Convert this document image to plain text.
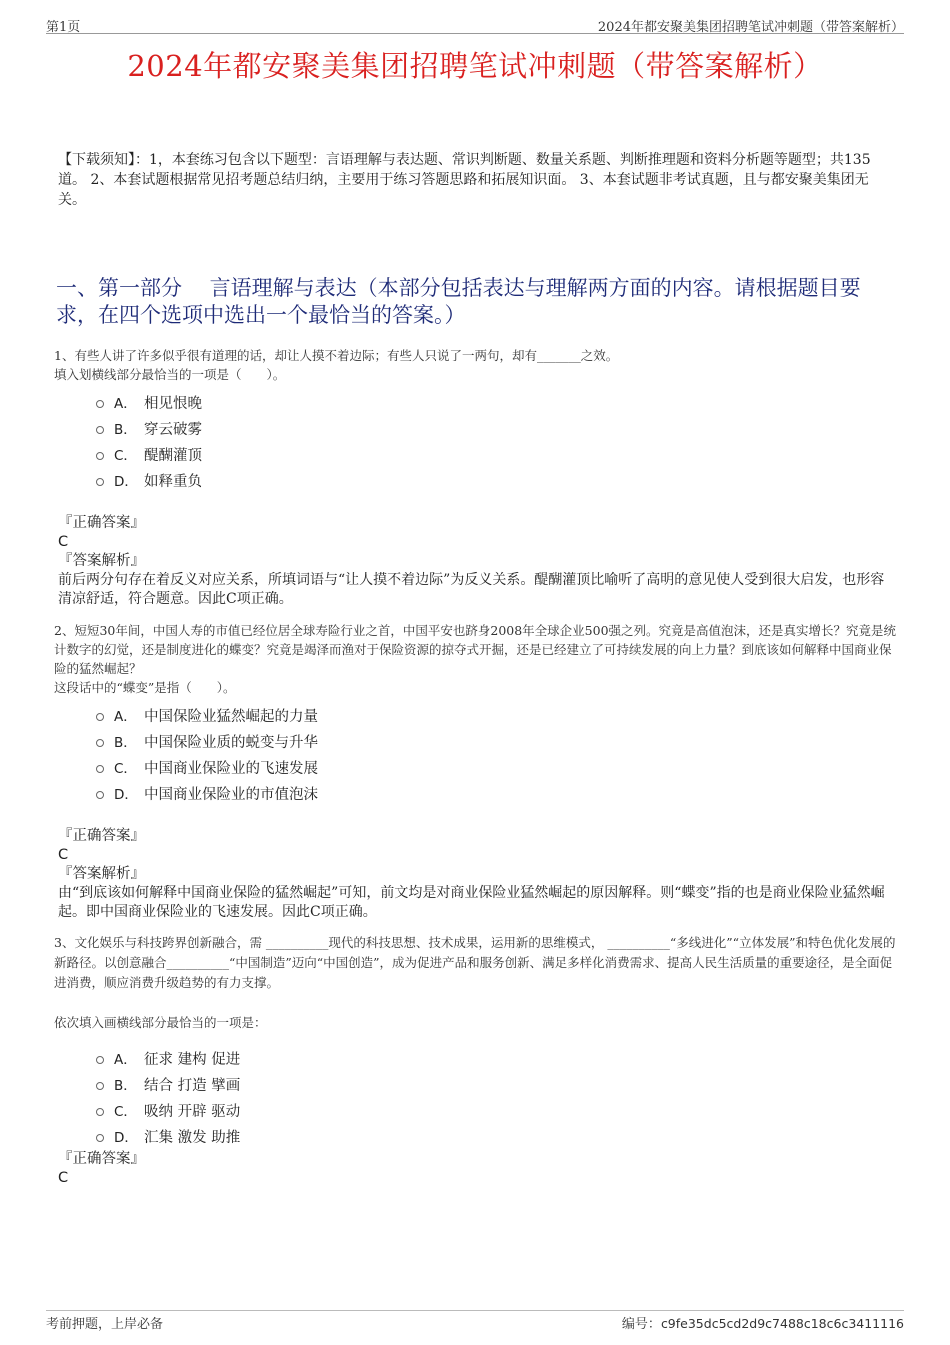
第1页	2024年都安聚美集团招聘笔试冲刺题（带答案解析）
2024年都安聚美集团招聘笔试冲刺题（带答案解析）
【下载须知】：1，本套练习包含以下题型：言语理解与表达题、常识判断题、数量关系题、判断推理题和资料分析题等题型；共135道。 2、本套试题根据常见招考题总结归纳，主要用于练习答题思路和拓展知识面。 3、本套试题非考试真题，且与都安聚美集团无关。
一、第一部分　 言语理解与表达（本部分包括表达与理解两方面的内容。请根据题目要求，在四个选项中选出一个最恰当的答案。）
1、有些人讲了许多似乎很有道理的话，却让人摸不着边际；有些人只说了一两句，却有_______之效。
填入划横线部分最恰当的一项是（　　）。
A． 相见恨晚
B． 穿云破雾
C． 醍醐灌顶
D． 如释重负
『正确答案』
C
『答案解析』
前后两分句存在着反义对应关系，所填词语与“让人摸不着边际”为反义关系。醍醐灌顶比喻听了高明的意见使人受到很大启发，也形容清凉舒适，符合题意。因此C项正确。
2、短短30年间，中国人寿的市值已经位居全球寿险行业之首，中国平安也跻身2008年全球企业500强之列。究竟是高值泡沫，还是真实增长？究竟是统计数字的幻觉，还是制度进化的蝶变？究竟是竭泽而渔对于保险资源的掠夺式开掘，还是已经建立了可持续发展的向上力量？到底该如何解释中国商业保险的猛然崛起？
这段话中的“蝶变”是指（　　）。
A． 中国保险业猛然崛起的力量
B． 中国保险业质的蜕变与升华
C． 中国商业保险业的飞速发展
D． 中国商业保险业的市值泡沫
『正确答案』
C
『答案解析』
由“到底该如何解释中国商业保险的猛然崛起”可知，前文均是对商业保险业猛然崛起的原因解释。则“蝶变”指的也是商业保险业猛然崛起。即中国商业保险业的飞速发展。因此C项正确。
3、文化娱乐与科技跨界创新融合，需 __________现代的科技思想、技术成果，运用新的思维模式， __________“多线进化”“立体发展”和特色优化发展的新路径。以创意融合__________“中国制造”迈向“中国创造”，成为促进产品和服务创新、满足多样化消费需求、提高人民生活质量的重要途径，是全面促进消费，顺应消费升级趋势的有力支撑。

依次填入画横线部分最恰当的一项是：
A． 征求 建构 促进
B． 结合 打造 擘画
C． 吸纳 开辟 驱动
D． 汇集 激发 助推
『正确答案』
C
考前押题，上岸必备	编号：c9fe35dc5cd2d9c7488c18c6c3411116
